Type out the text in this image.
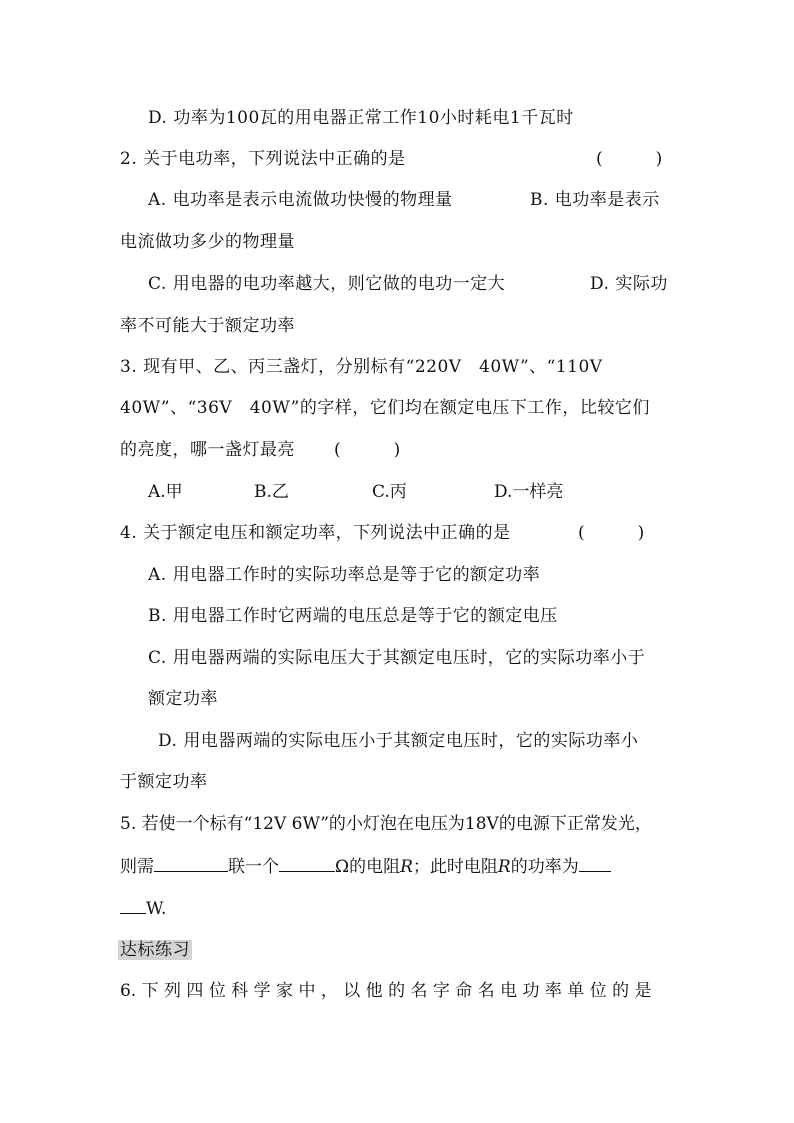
D. 功率为100瓦的用电器正常工作10小时耗电1千瓦时
2. 关于电功率，下列说法中正确的是	(　　　)
A. 电功率是表示电流做功快慢的物理量	B. 电功率是表示
电流做功多少的物理量
C. 用电器的电功率越大，则它做的电功一定大	D. 实际功
率不可能大于额定功率
3. 现有甲、乙、丙三盏灯，分别标有“220V　40W”、“110V
40W”、“36V　40W”的字样，它们均在额定电压下工作，比较它们
的亮度，哪一盏灯最亮 (　　　)
A.甲	B.乙	C.丙	D.一样亮
4. 关于额定电压和额定功率，下列说法中正确的是	(　　　)
A. 用电器工作时的实际功率总是等于它的额定功率
B. 用电器工作时它两端的电压总是等于它的额定电压
C. 用电器两端的实际电压大于其额定电压时，它的实际功率小于
额定功率
D. 用电器两端的实际电压小于其额定电压时，它的实际功率小
于额定功率
5. 若使一个标有“12V 6W”的小灯泡在电压为18V的电源下正常发光，
则需	联一个	Ω的电阻R；此时电阻R的功率为
W.
达标练习
6. 下 列 四 位 科 学 家 中 ， 以 他 的 名 字 命 名 电 功 率 单 位 的 是
